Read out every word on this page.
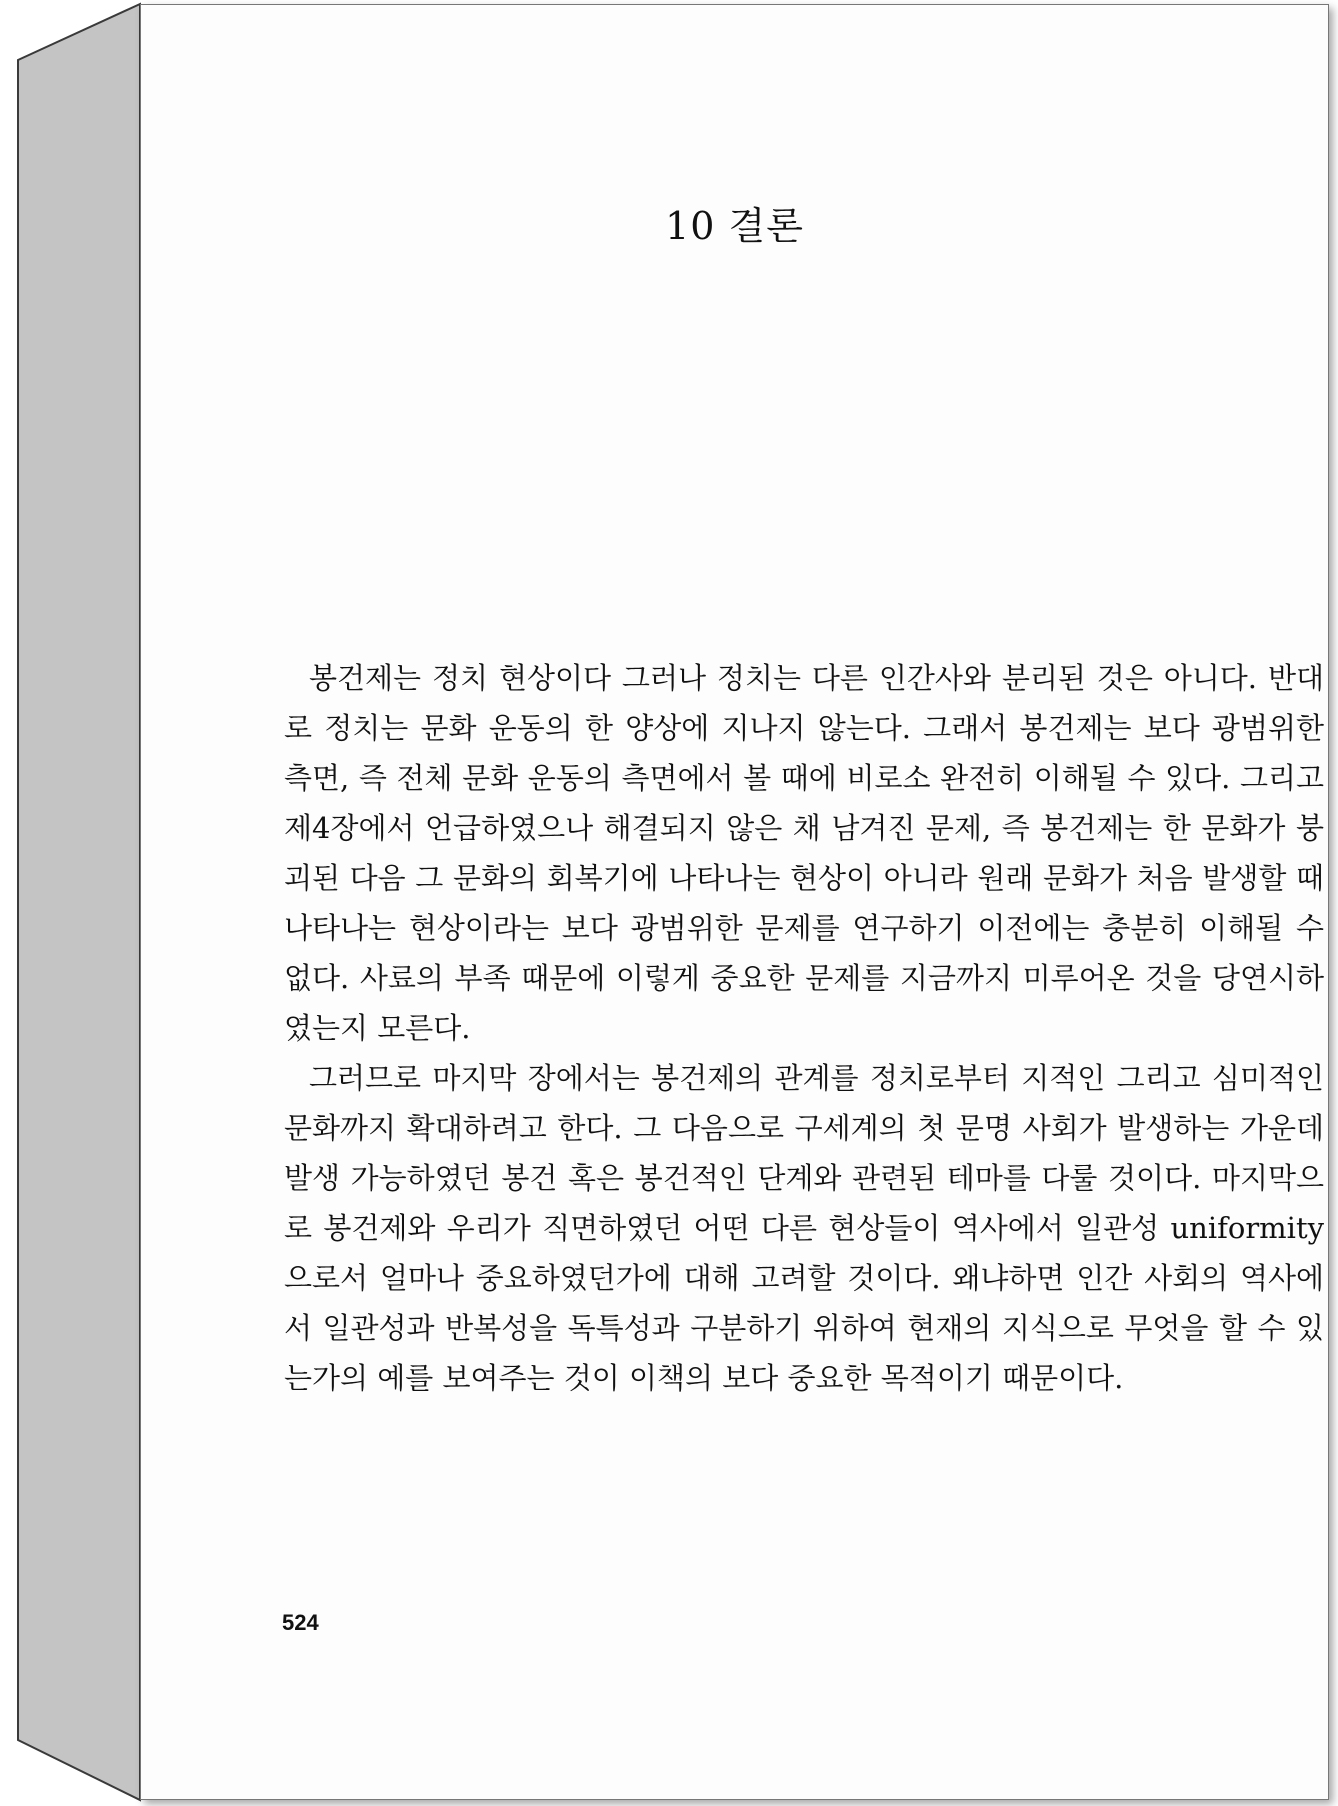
10 결론

봉건제는 정치 현상이다 그러나 정치는 다른 인간사와 분리된 것은 아니다. 반대로 정치는 문화 운동의 한 양상에 지나지 않는다. 그래서 봉건제는 보다 광범위한 측면, 즉 전체 문화 운동의 측면에서 볼 때에 비로소 완전히 이해될 수 있다. 그리고 제4장에서 언급하였으나 해결되지 않은 채 남겨진 문제, 즉 봉건제는 한 문화가 붕괴된 다음 그 문화의 회복기에 나타나는 현상이 아니라 원래 문화가 처음 발생할 때 나타나는 현상이라는 보다 광범위한 문제를 연구하기 이전에는 충분히 이해될 수 없다. 사료의 부족 때문에 이렇게 중요한 문제를 지금까지 미루어온 것을 당연시하였는지 모른다.

그러므로 마지막 장에서는 봉건제의 관계를 정치로부터 지적인 그리고 심미적인 문화까지 확대하려고 한다. 그 다음으로 구세계의 첫 문명 사회가 발생하는 가운데 발생 가능하였던 봉건 혹은 봉건적인 단계와 관련된 테마를 다룰 것이다. 마지막으로 봉건제와 우리가 직면하였던 어떤 다른 현상들이 역사에서 일관성 uniformity으로서 얼마나 중요하였던가에 대해 고려할 것이다. 왜냐하면 인간 사회의 역사에서 일관성과 반복성을 독특성과 구분하기 위하여 현재의 지식으로 무엇을 할 수 있는가의 예를 보여주는 것이 이책의 보다 중요한 목적이기 때문이다.

524
